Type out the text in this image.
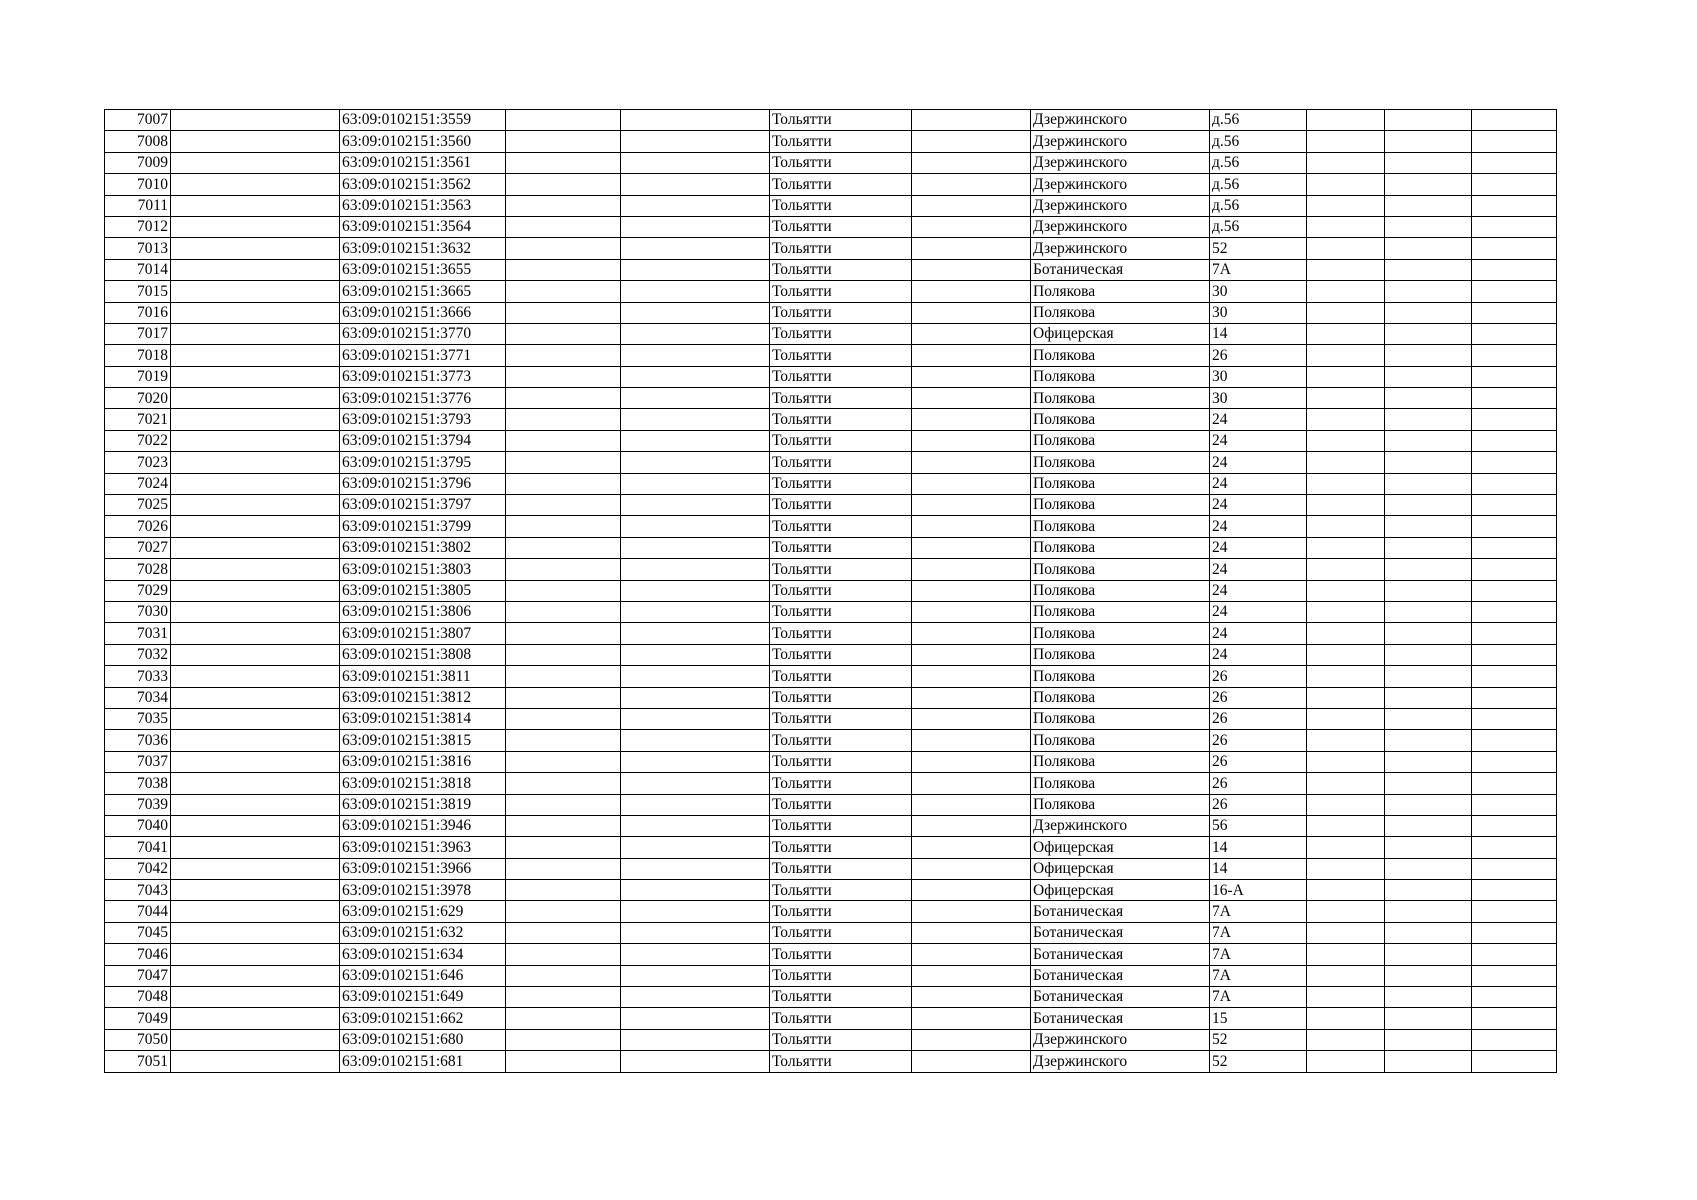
7007		63:09:0102151:3559			Тольятти		Дзержинского	д.56			
7008		63:09:0102151:3560			Тольятти		Дзержинского	д.56			
7009		63:09:0102151:3561			Тольятти		Дзержинского	д.56			
7010		63:09:0102151:3562			Тольятти		Дзержинского	д.56			
7011		63:09:0102151:3563			Тольятти		Дзержинского	д.56			
7012		63:09:0102151:3564			Тольятти		Дзержинского	д.56			
7013		63:09:0102151:3632			Тольятти		Дзержинского	52			
7014		63:09:0102151:3655			Тольятти		Ботаническая	7А			
7015		63:09:0102151:3665			Тольятти		Полякова	30			
7016		63:09:0102151:3666			Тольятти		Полякова	30			
7017		63:09:0102151:3770			Тольятти		Офицерская	14			
7018		63:09:0102151:3771			Тольятти		Полякова	26			
7019		63:09:0102151:3773			Тольятти		Полякова	30			
7020		63:09:0102151:3776			Тольятти		Полякова	30			
7021		63:09:0102151:3793			Тольятти		Полякова	24			
7022		63:09:0102151:3794			Тольятти		Полякова	24			
7023		63:09:0102151:3795			Тольятти		Полякова	24			
7024		63:09:0102151:3796			Тольятти		Полякова	24			
7025		63:09:0102151:3797			Тольятти		Полякова	24			
7026		63:09:0102151:3799			Тольятти		Полякова	24			
7027		63:09:0102151:3802			Тольятти		Полякова	24			
7028		63:09:0102151:3803			Тольятти		Полякова	24			
7029		63:09:0102151:3805			Тольятти		Полякова	24			
7030		63:09:0102151:3806			Тольятти		Полякова	24			
7031		63:09:0102151:3807			Тольятти		Полякова	24			
7032		63:09:0102151:3808			Тольятти		Полякова	24			
7033		63:09:0102151:3811			Тольятти		Полякова	26			
7034		63:09:0102151:3812			Тольятти		Полякова	26			
7035		63:09:0102151:3814			Тольятти		Полякова	26			
7036		63:09:0102151:3815			Тольятти		Полякова	26			
7037		63:09:0102151:3816			Тольятти		Полякова	26			
7038		63:09:0102151:3818			Тольятти		Полякова	26			
7039		63:09:0102151:3819			Тольятти		Полякова	26			
7040		63:09:0102151:3946			Тольятти		Дзержинского	56			
7041		63:09:0102151:3963			Тольятти		Офицерская	14			
7042		63:09:0102151:3966			Тольятти		Офицерская	14			
7043		63:09:0102151:3978			Тольятти		Офицерская	16-А			
7044		63:09:0102151:629			Тольятти		Ботаническая	7А			
7045		63:09:0102151:632			Тольятти		Ботаническая	7А			
7046		63:09:0102151:634			Тольятти		Ботаническая	7А			
7047		63:09:0102151:646			Тольятти		Ботаническая	7А			
7048		63:09:0102151:649			Тольятти		Ботаническая	7А			
7049		63:09:0102151:662			Тольятти		Ботаническая	15			
7050		63:09:0102151:680			Тольятти		Дзержинского	52			
7051		63:09:0102151:681			Тольятти		Дзержинского	52			
